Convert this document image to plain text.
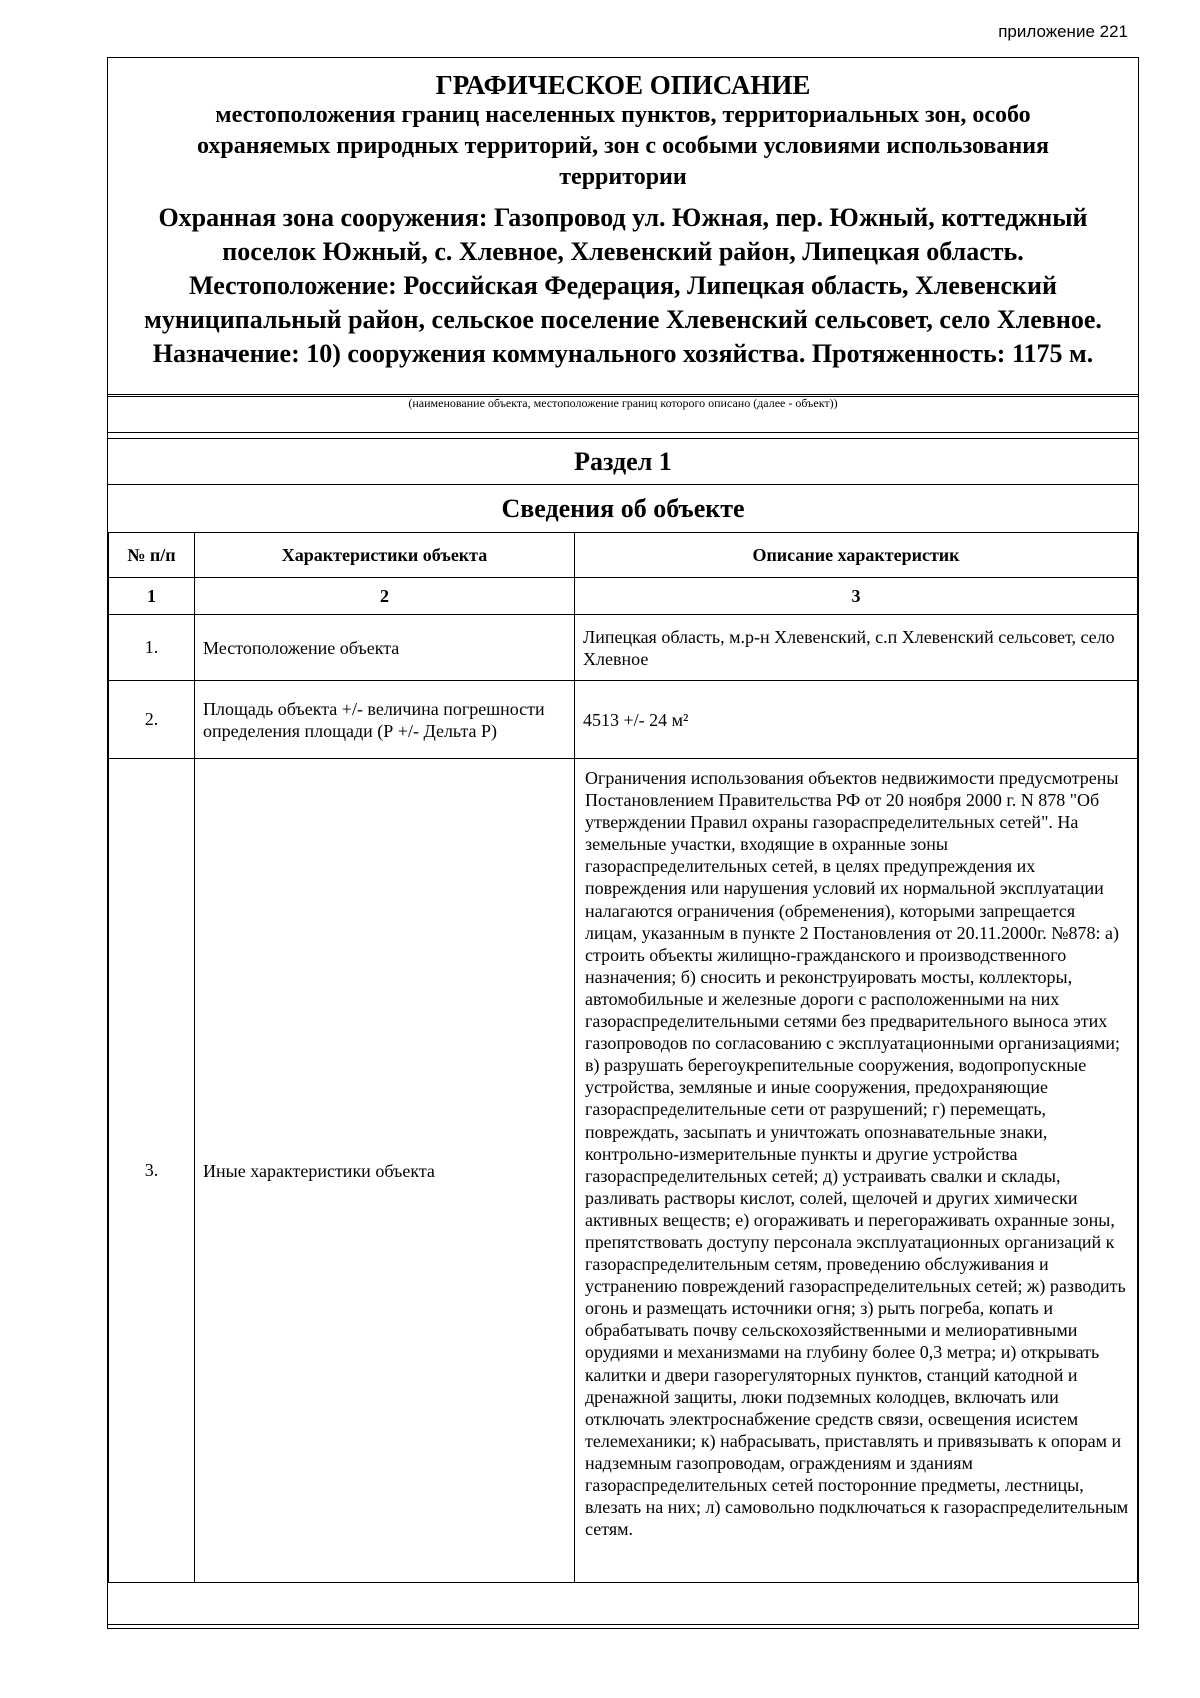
приложение 221
ГРАФИЧЕСКОЕ ОПИСАНИЕ
местоположения границ населенных пунктов, территориальных зон, особо охраняемых природных территорий, зон с особыми условиями использования территории
Охранная зона сооружения: Газопровод ул. Южная, пер. Южный, коттеджный поселок Южный, с. Хлевное, Хлевенский район, Липецкая область. Местоположение: Российская Федерация, Липецкая область, Хлевенский муниципальный район, сельское поселение Хлевенский сельсовет, село Хлевное. Назначение: 10) сооружения коммунального хозяйства. Протяженность: 1175 м.
(наименование объекта, местоположение границ которого описано (далее - объект))
Раздел 1
Сведения об объекте
№ п/п	Характеристики объекта	Описание характеристик
1	2	3
1.	Местоположение объекта	Липецкая область, м.р-н Хлевенский, с.п Хлевенский сельсовет, село Хлевное
2.	Площадь объекта +/- величина погрешности определения площади (Р +/- Дельта Р)	4513 +/- 24 м²
3.	Иные характеристики объекта	Ограничения использования объектов недвижимости предусмотрены Постановлением Правительства РФ от 20 ноября 2000 г. N 878 "Об утверждении Правил охраны газораспределительных сетей". На земельные участки, входящие в охранные зоны газораспределительных сетей, в целях предупреждения их повреждения или нарушения условий их нормальной эксплуатации налагаются ограничения (обременения), которыми запрещается лицам, указанным в пункте 2 Постановления от 20.11.2000г. №878: а) строить объекты жилищно-гражданского и производственного назначения; б) сносить и реконструировать мосты, коллекторы, автомобильные и железные дороги с расположенными на них газораспределительными сетями без предварительного выноса этих газопроводов по согласованию с эксплуатационными организациями; в) разрушать берегоукрепительные сооружения, водопропускные устройства, земляные и иные сооружения, предохраняющие газораспределительные сети от разрушений; г) перемещать, повреждать, засыпать и уничтожать опознавательные знаки, контрольно-измерительные пункты и другие устройства газораспределительных сетей; д) устраивать свалки и склады, разливать растворы кислот, солей, щелочей и других химически активных веществ; е) огораживать и перегораживать охранные зоны, препятствовать доступу персонала эксплуатационных организаций к газораспределительным сетям, проведению обслуживания и устранению повреждений газораспределительных сетей; ж) разводить огонь и размещать источники огня; з) рыть погреба, копать и обрабатывать почву сельскохозяйственными и мелиоративными орудиями и механизмами на глубину более 0,3 метра; и) открывать калитки и двери газорегуляторных пунктов, станций катодной и дренажной защиты, люки подземных колодцев, включать или отключать электроснабжение средств связи, освещения исистем телемеханики; к) набрасывать, приставлять и привязывать к опорам и надземным газопроводам, ограждениям и зданиям газораспределительных сетей посторонние предметы, лестницы, влезать на них; л) самовольно подключаться к газораспределительным сетям.
